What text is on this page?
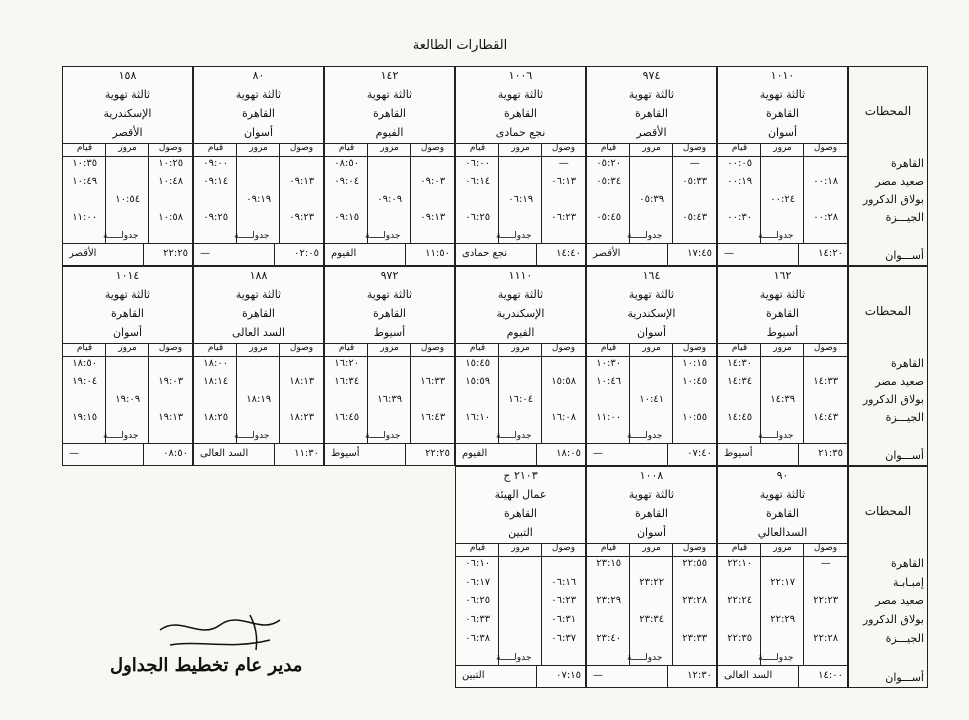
القطارات الطالعة
المحطات
القاهرة
صعيد مصر
بولاق الدكرور
الجيـــزة
أســـوان
١٠١٠
ثالثة تهوية
القاهرة
أسوان
وصول
مرور
قيام
٠٠:٠٥
٠٠:١٨
٠٠:١٩
٠٠:٢٤
٠٠:٢٨
٠٠:٣٠
جدولـــــة
١٤:٢٠
—
٩٧٤
ثالثة تهوية
القاهرة
الأقصر
وصول
مرور
قيام
—
٠٥:٢٠
٠٥:٣٣
٠٥:٣٤
٠٥:٣٩
٠٥:٤٣
٠٥:٤٥
جدولـــــة
١٧:٤٥
الأقصر
١٠٠٦
ثالثة تهوية
القاهرة
نجع حمادى
وصول
مرور
قيام
—
٠٦:٠٠
٠٦:١٣
٠٦:١٤
٠٦:١٩
٠٦:٢٣
٠٦:٢٥
جدولـــــة
١٤:٤٠
نجع حمادى
١٤٢
ثالثة تهوية
القاهرة
الفيوم
وصول
مرور
قيام
٠٨:٥٠
٠٩:٠٣
٠٩:٠٤
٠٩:٠٩
٠٩:١٣
٠٩:١٥
جدولـــــة
١١:٥٠
الفيوم
٨٠
ثالثة تهوية
القاهرة
أسوان
وصول
مرور
قيام
٠٩:٠٠
٠٩:١٣
٠٩:١٤
٠٩:١٩
٠٩:٢٣
٠٩:٢٥
جدولـــــة
٠٢:٠٥
—
١٥٨
ثالثة تهوية
الإسكندرية
الأقصر
وصول
مرور
قيام
١٠:٢٥
١٠:٣٥
١٠:٤٨
١٠:٤٩
١٠:٥٤
١٠:٥٨
١١:٠٠
جدولـــــة
٢٢:٢٥
الأقصر
المحطات
القاهرة
صعيد مصر
بولاق الدكرور
الجيـــزة
أســـوان
١٦٢
ثالثة تهوية
القاهرة
أسيوط
وصول
مرور
قيام
١٤:٣٠
١٤:٣٣
١٤:٣٤
١٤:٣٩
١٤:٤٣
١٤:٤٥
جدولـــــة
٢١:٣٥
أسيوط
١٦٤
ثالثة تهوية
الإسكندرية
أسوان
وصول
مرور
قيام
١٠:١٥
١٠:٣٠
١٠:٤٥
١٠:٤٦
١٠:٤١
١٠:٥٥
١١:٠٠
جدولـــــة
٠٧:٤٠
—
١١١٠
ثالثة تهوية
الإسكندرية
الفيوم
وصول
مرور
قيام
١٥:٤٥
١٥:٥٨
١٥:٥٩
١٦:٠٤
١٦:٠٨
١٦:١٠
جدولـــــة
١٨:٠٥
الفيوم
٩٧٢
ثالثة تهوية
القاهرة
أسيوط
وصول
مرور
قيام
١٦:٢٠
١٦:٣٣
١٦:٣٤
١٦:٣٩
١٦:٤٣
١٦:٤٥
جدولـــــة
٢٢:٢٥
أسيوط
١٨٨
ثالثة تهوية
القاهرة
السد العالى
وصول
مرور
قيام
١٨:٠٠
١٨:١٣
١٨:١٤
١٨:١٩
١٨:٢٣
١٨:٢٥
جدولـــــة
١١:٣٠
السد العالى
١٠١٤
ثالثة تهوية
القاهرة
أسوان
وصول
مرور
قيام
١٨:٥٠
١٩:٠٣
١٩:٠٤
١٩:٠٩
١٩:١٣
١٩:١٥
جدولـــــة
٠٨:٥٠
—
المحطات
القاهرة
إمبـابـة
صعيد مصر
بولاق الدكرور
الجيـــزة
أســـوان
٩٠
ثالثة تهوية
القاهرة
السدالعالي
وصول
مرور
قيام
—
٢٢:١٠
٢٢:١٧
٢٢:٢٣
٢٢:٢٤
٢٢:٢٩
٢٢:٢٨
٢٢:٣٥
جدولـــــة
١٤:٠٠
السد العالى
١٠٠٨
ثالثة تهوية
القاهرة
أسوان
وصول
مرور
قيام
٢٢:٥٥
٢٣:١٥
٢٣:٢٢
٢٣:٢٨
٢٣:٢٩
٢٣:٣٤
٢٣:٣٣
٢٣:٤٠
جدولـــــة
١٢:٣٠
—
٢١٠٣ ج
عمال الهيئة
القاهرة
التبين
وصول
مرور
قيام
٠٦:١٠
٠٦:١٦
٠٦:١٧
٠٦:٢٣
٠٦:٢٥
٠٦:٣١
٠٦:٣٣
٠٦:٣٧
٠٦:٣٨
جدولـــــة
٠٧:١٥
التبين
مدير عام تخطيط الجداول
